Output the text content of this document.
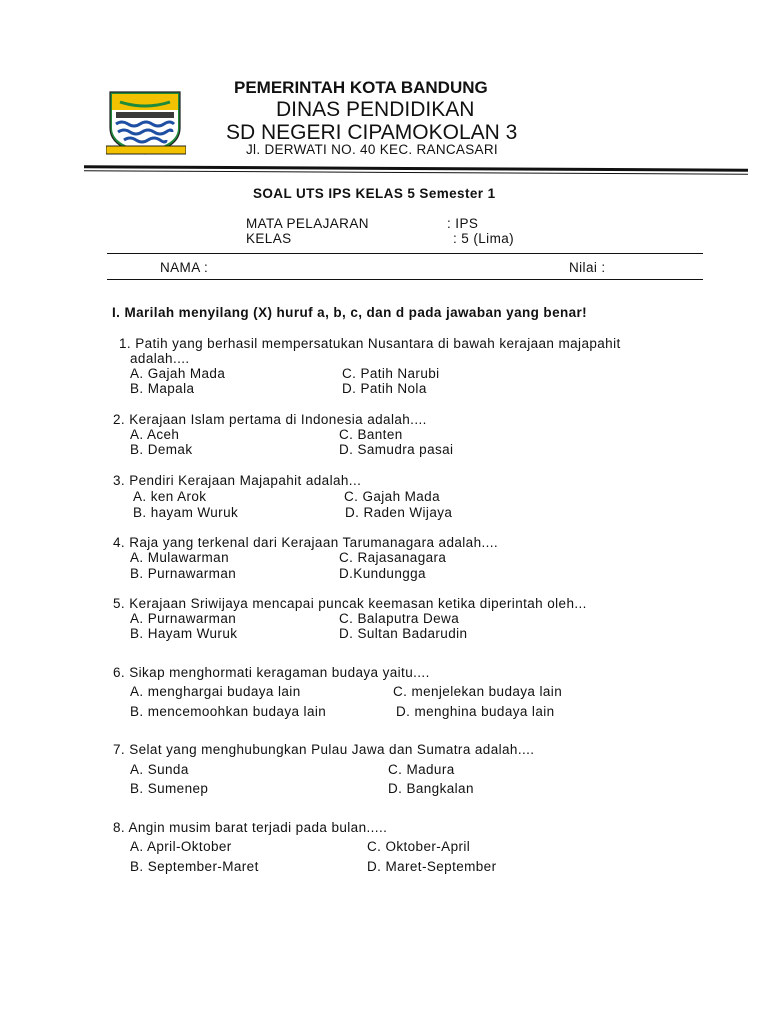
PEMERINTAH KOTA BANDUNG
DINAS PENDIDIKAN
SD NEGERI CIPAMOKOLAN 3
Jl. DERWATI NO. 40 KEC. RANCASARI
SOAL UTS IPS KELAS 5 Semester 1
MATA PELAJARAN	: IPS
KELAS	: 5 (Lima)
NAMA :	Nilai :
I. Marilah menyilang (X) huruf a, b, c, dan d pada jawaban yang benar!
1. Patih yang berhasil mempersatukan Nusantara di bawah kerajaan majapahit
adalah....
A. Gajah Mada	C. Patih Narubi
B. Mapala	D. Patih Nola
2. Kerajaan Islam pertama di Indonesia adalah....
A. Aceh	C. Banten
B. Demak	D. Samudra pasai
3. Pendiri Kerajaan Majapahit adalah...
A. ken Arok	C. Gajah Mada
B. hayam Wuruk	D. Raden Wijaya
4. Raja yang terkenal dari Kerajaan Tarumanagara adalah....
A. Mulawarman	C. Rajasanagara
B. Purnawarman	D.Kundungga
5. Kerajaan Sriwijaya mencapai puncak keemasan ketika diperintah oleh...
A. Purnawarman	C. Balaputra Dewa
B. Hayam Wuruk	D. Sultan Badarudin
6. Sikap menghormati keragaman budaya yaitu....
A. menghargai budaya lain	C. menjelekan budaya lain
B. mencemoohkan budaya lain	D. menghina budaya lain
7. Selat yang menghubungkan Pulau Jawa dan Sumatra adalah....
A. Sunda	C. Madura
B. Sumenep	D. Bangkalan
8. Angin musim barat terjadi pada bulan.....
A. April-Oktober	C. Oktober-April
B. September-Maret	D. Maret-September
